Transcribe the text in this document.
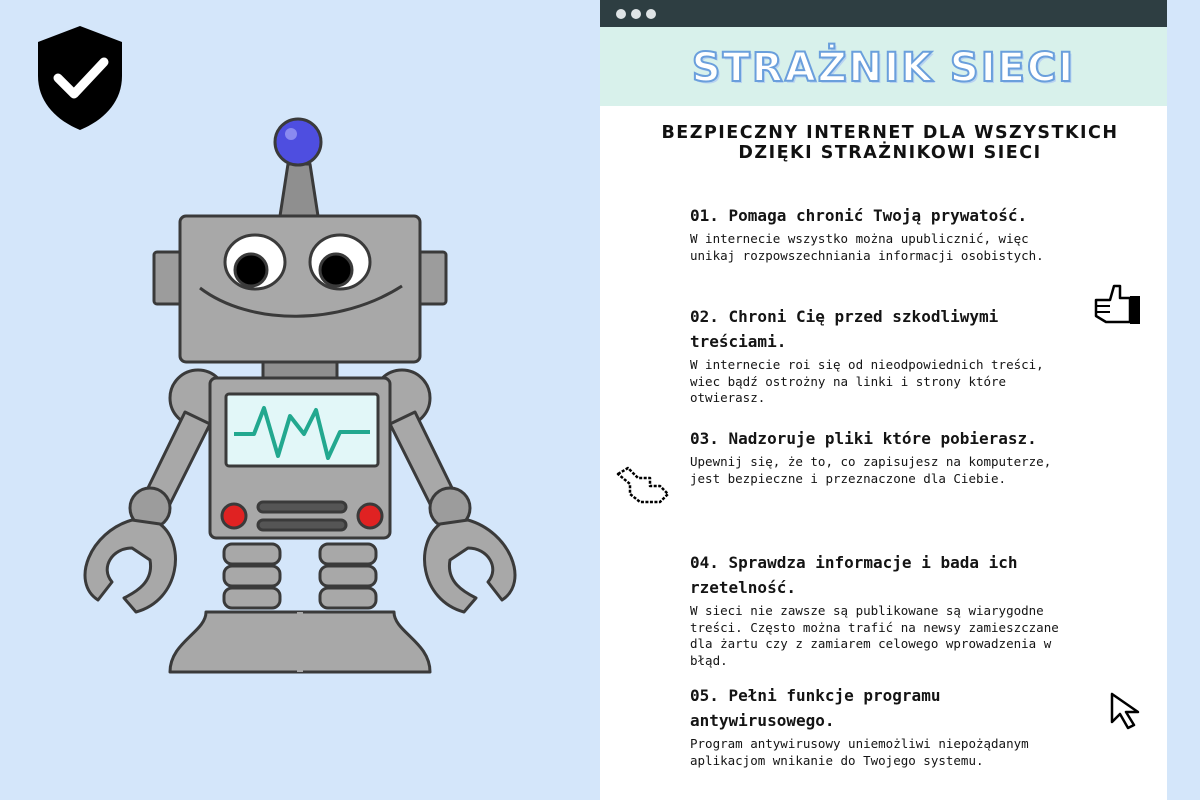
STRAŻNIK SIECI
BEZPIECZNY INTERNET DLA WSZYSTKICH DZIĘKI STRAŻNIKOWI SIECI
01. Pomaga chronić Twoją prywatość.
W internecie wszystko można upublicznić, więc unikaj rozpowszechniania informacji osobistych.
02. Chroni Cię przed szkodliwymi treściami.
W internecie roi się od nieodpowiednich treści, wiec bądź ostrożny na linki i strony które otwierasz.
03. Nadzoruje pliki które pobierasz.
Upewnij się, że to, co zapisujesz na komputerze, jest bezpieczne i przeznaczone dla Ciebie.
04. Sprawdza informacje i bada ich rzetelność.
W sieci nie zawsze są publikowane są wiarygodne treści. Często można trafić na newsy zamieszczane dla żartu czy z zamiarem celowego wprowadzenia w błąd.
05. Pełni funkcje programu antywirusowego.
Program antywirusowy uniemożliwi niepożądanym aplikacjom wnikanie do Twojego systemu.
